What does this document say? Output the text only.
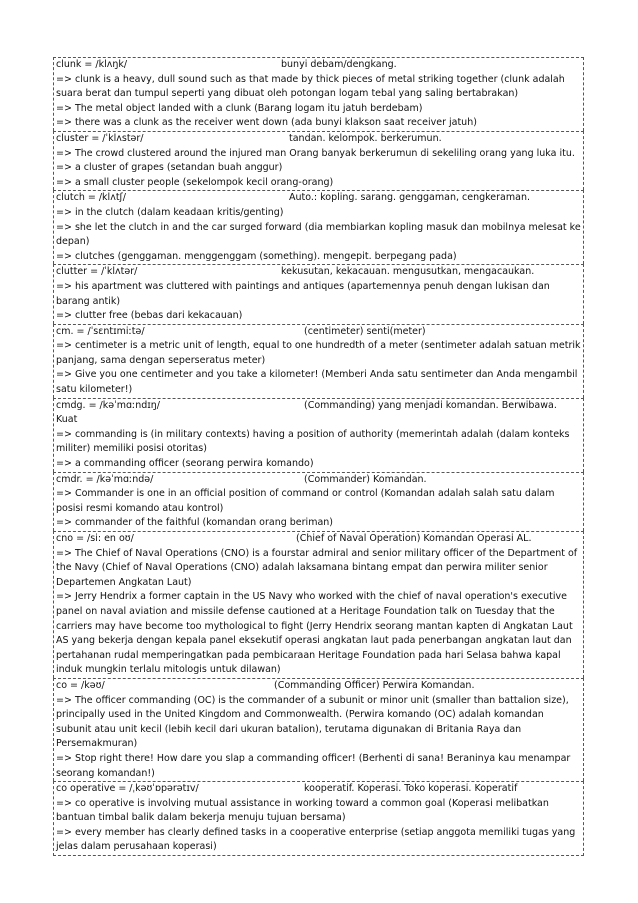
clunk = /klʌŋk/	bunyi debam/dengkang.
=> clunk is a heavy, dull sound such as that made by thick pieces of metal striking together (clunk adalah suara berat dan tumpul seperti yang dibuat oleh potongan logam tebal yang saling bertabrakan)
=> The metal object landed with a clunk (Barang logam itu jatuh berdebam)
=> there was a clunk as the receiver went down (ada bunyi klakson saat receiver jatuh)
cluster = /ˈklʌstər/	tandan. kelompok. berkerumun.
=> The crowd clustered around the injured man Orang banyak berkerumun di sekeliling orang yang luka itu.
=> a cluster of grapes (setandan buah anggur)
=> a small cluster people (sekelompok kecil orang-orang)
clutch = /klʌtʃ/	Auto.: kopling. sarang. genggaman, cengkeraman.
=> in the clutch (dalam keadaan kritis/genting)
=> she let the clutch in and the car surged forward (dia membiarkan kopling masuk dan mobilnya melesat ke depan)
=> clutches (genggaman. menggenggam (something). mengepit. berpegang pada)
clutter = /ˈklʌtər/	kekusutan, kekacauan. mengusutkan, mengacaukan.
=> his apartment was cluttered with paintings and antiques (apartemennya penuh dengan lukisan dan barang antik)
=> clutter free (bebas dari kekacauan)
cm. = /ˈsɛntɪmiːtə/	(centimeter) senti(meter)
=> centimeter is a metric unit of length, equal to one hundredth of a meter (sentimeter adalah satuan metrik panjang, sama dengan seperseratus meter)
=> Give you one centimeter and you take a kilometer! (Memberi Anda satu sentimeter dan Anda mengambil satu kilometer!)
cmdg. = /kəˈmɑːndɪŋ/	(Commanding) yang menjadi komandan. Berwibawa.
Kuat
=> commanding is (in military contexts) having a position of authority (memerintah adalah (dalam konteks militer) memiliki posisi otoritas)
=> a commanding officer (seorang perwira komando)
cmdr. = /kəˈmɑːndə/	(Commander) Komandan.
=> Commander is one in an official position of command or control (Komandan adalah salah satu dalam posisi resmi komando atau kontrol)
=> commander of the faithful (komandan orang beriman)
cno = /si: en oʊ/	(Chief of Naval Operation) Komandan Operasi AL.
=> The Chief of Naval Operations (CNO) is a fourstar admiral and senior military officer of the Department of the Navy (Chief of Naval Operations (CNO) adalah laksamana bintang empat dan perwira militer senior Departemen Angkatan Laut)
=> Jerry Hendrix a former captain in the US Navy who worked with the chief of naval operation's executive panel on naval aviation and missile defense cautioned at a Heritage Foundation talk on Tuesday that the carriers may have become too mythological to fight (Jerry Hendrix seorang mantan kapten di Angkatan Laut AS yang bekerja dengan kepala panel eksekutif operasi angkatan laut pada penerbangan angkatan laut dan pertahanan rudal memperingatkan pada pembicaraan Heritage Foundation pada hari Selasa bahwa kapal induk mungkin terlalu mitologis untuk dilawan)
co = /kəʊ/	(Commanding Officer) Perwira Komandan.
=> The officer commanding (OC) is the commander of a subunit or minor unit (smaller than battalion size), principally used in the United Kingdom and Commonwealth. (Perwira komando (OC) adalah komandan subunit atau unit kecil (lebih kecil dari ukuran batalion), terutama digunakan di Britania Raya dan Persemakmuran)
=> Stop right there! How dare you slap a commanding officer! (Berhenti di sana! Beraninya kau menampar seorang komandan!)
co operative = /ˌkəʊˈɒpərətɪv/	kooperatif. Koperasi. Toko koperasi. Koperatif
=> co operative is involving mutual assistance in working toward a common goal (Koperasi melibatkan bantuan timbal balik dalam bekerja menuju tujuan bersama)
=> every member has clearly defined tasks in a cooperative enterprise (setiap anggota memiliki tugas yang jelas dalam perusahaan koperasi)
